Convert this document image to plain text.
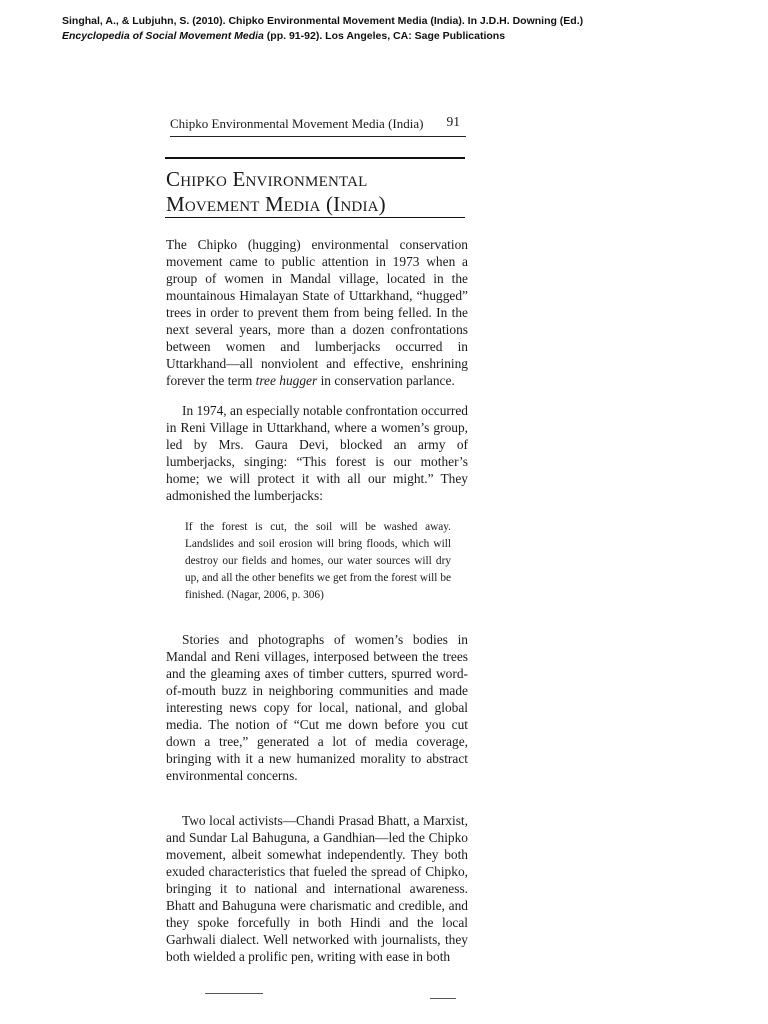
Singhal, A., & Lubjuhn, S. (2010). Chipko Environmental Movement Media (India). In J.D.H. Downing (Ed.)
Encyclopedia of Social Movement Media (pp. 91-92). Los Angeles, CA: Sage Publications
Chipko Environmental Movement Media (India) 91
Chipko Environmental
Movement Media (India)

The Chipko (hugging) environmental conservation movement came to public attention in 1973 when a group of women in Mandal village, located in the mountainous Himalayan State of Uttarkhand, “hugged” trees in order to prevent them from being felled. In the next several years, more than a dozen confrontations between women and lumberjacks occurred in Uttarkhand—all nonviolent and effective, enshrining forever the term tree hugger in conservation parlance.

In 1974, an especially notable confrontation occurred in Reni Village in Uttarkhand, where a women’s group, led by Mrs. Gaura Devi, blocked an army of lumberjacks, singing: “This forest is our mother’s home; we will protect it with all our might.” They admonished the lumberjacks:

If the forest is cut, the soil will be washed away. Landslides and soil erosion will bring floods, which will destroy our fields and homes, our water sources will dry up, and all the other benefits we get from the forest will be finished. (Nagar, 2006, p. 306)

Stories and photographs of women’s bodies in Mandal and Reni villages, interposed between the trees and the gleaming axes of timber cutters, spurred word-of-mouth buzz in neighboring communities and made interesting news copy for local, national, and global media. The notion of “Cut me down before you cut down a tree,” generated a lot of media coverage, bringing with it a new humanized morality to abstract environmental concerns.

Two local activists—Chandi Prasad Bhatt, a Marxist, and Sundar Lal Bahuguna, a Gandhian—led the Chipko movement, albeit somewhat independently. They both exuded characteristics that fueled the spread of Chipko, bringing it to national and international awareness. Bhatt and Bahuguna were charismatic and credible, and they spoke forcefully in both Hindi and the local Garhwali dialect. Well networked with journalists, they both wielded a prolific pen, writing with ease in both
